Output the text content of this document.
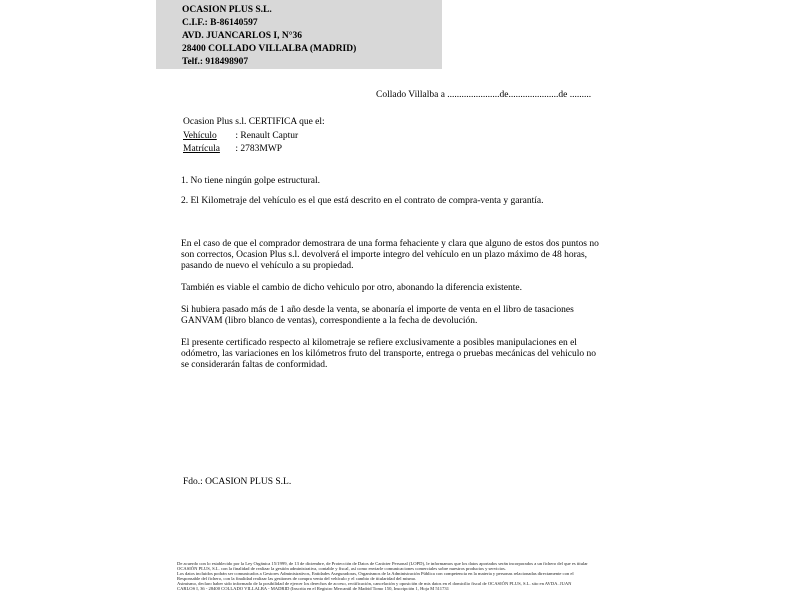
OCASION PLUS S.L.
C.I.F.: B-86140597
AVD. JUANCARLOS I, N°36
28400 COLLADO VILLALBA (MADRID)
Telf.: 918498907
Collado Villalba a ......................de.....................de .........
Ocasion Plus s.l. CERTIFICA que el:
Vehículo : Renault Captur
Matrícula : 2783MWP
1. No tiene ningún golpe estructural.
2. El Kilometraje del vehículo es el que está descrito en el contrato de compra-venta y garantía.
En el caso de que el comprador demostrara de una forma fehaciente y clara que alguno de estos dos puntos no
son correctos, Ocasion Plus s.l. devolverá el importe integro del vehículo en un plazo máximo de 48 horas,
pasando de nuevo el vehículo a su propiedad.
También es viable el cambio de dicho vehiculo por otro, abonando la diferencia existente.
Si hubiera pasado más de 1 año desde la venta, se abonaría el importe de venta en el libro de tasaciones
GANVAM (libro blanco de ventas), correspondiente a la fecha de devolución.
El presente certificado respecto al kilometraje se refiere exclusivamente a posibles manipulaciones en el
odómetro, las variaciones en los kilómetros fruto del transporte, entrega o pruebas mecánicas del vehiculo no
se considerarán faltas de conformidad.
Fdo.: OCASION PLUS S.L.
De acuerdo con lo establecido por la Ley Orgánica 15/1999, de 13 de diciembre, de Protección de Datos de Carácter Personal (LOPD), le informamos que los datos aportados serán incorporados a un fichero del que es titular
OCASIÓN PLUS, S.L. con la finalidad de realizar la gestión administrativa, contable y fiscal, así como enviarle comunicaciones comerciales sobre nuestros productos y servicios.
Los datos incluidos podrán ser comunicados a Gestores Administrativos, Entidades Aseguradoras, Organismos de la Administración Pública con competencia en la materia y personas relacionadas directamente con el
Responsable del fichero, con la finalidad realizar las gestiones de compra venta del vehículo y el cambio de titularidad del mismo.
Asimismo, declaro haber sido informado de la posibilidad de ejercer los derechos de acceso, rectificación, cancelación y oposición de mis datos en el domicilio fiscal de OCASIÓN PLUS, S.L. sito en AVDA. JUAN
CARLOS I, 36 - 28400 COLLADO VILLALBA - MADRID (Inscrita en el Registro Mercantil de Madrid Tomo 150, Inscripción 1, Hoja M 511731
